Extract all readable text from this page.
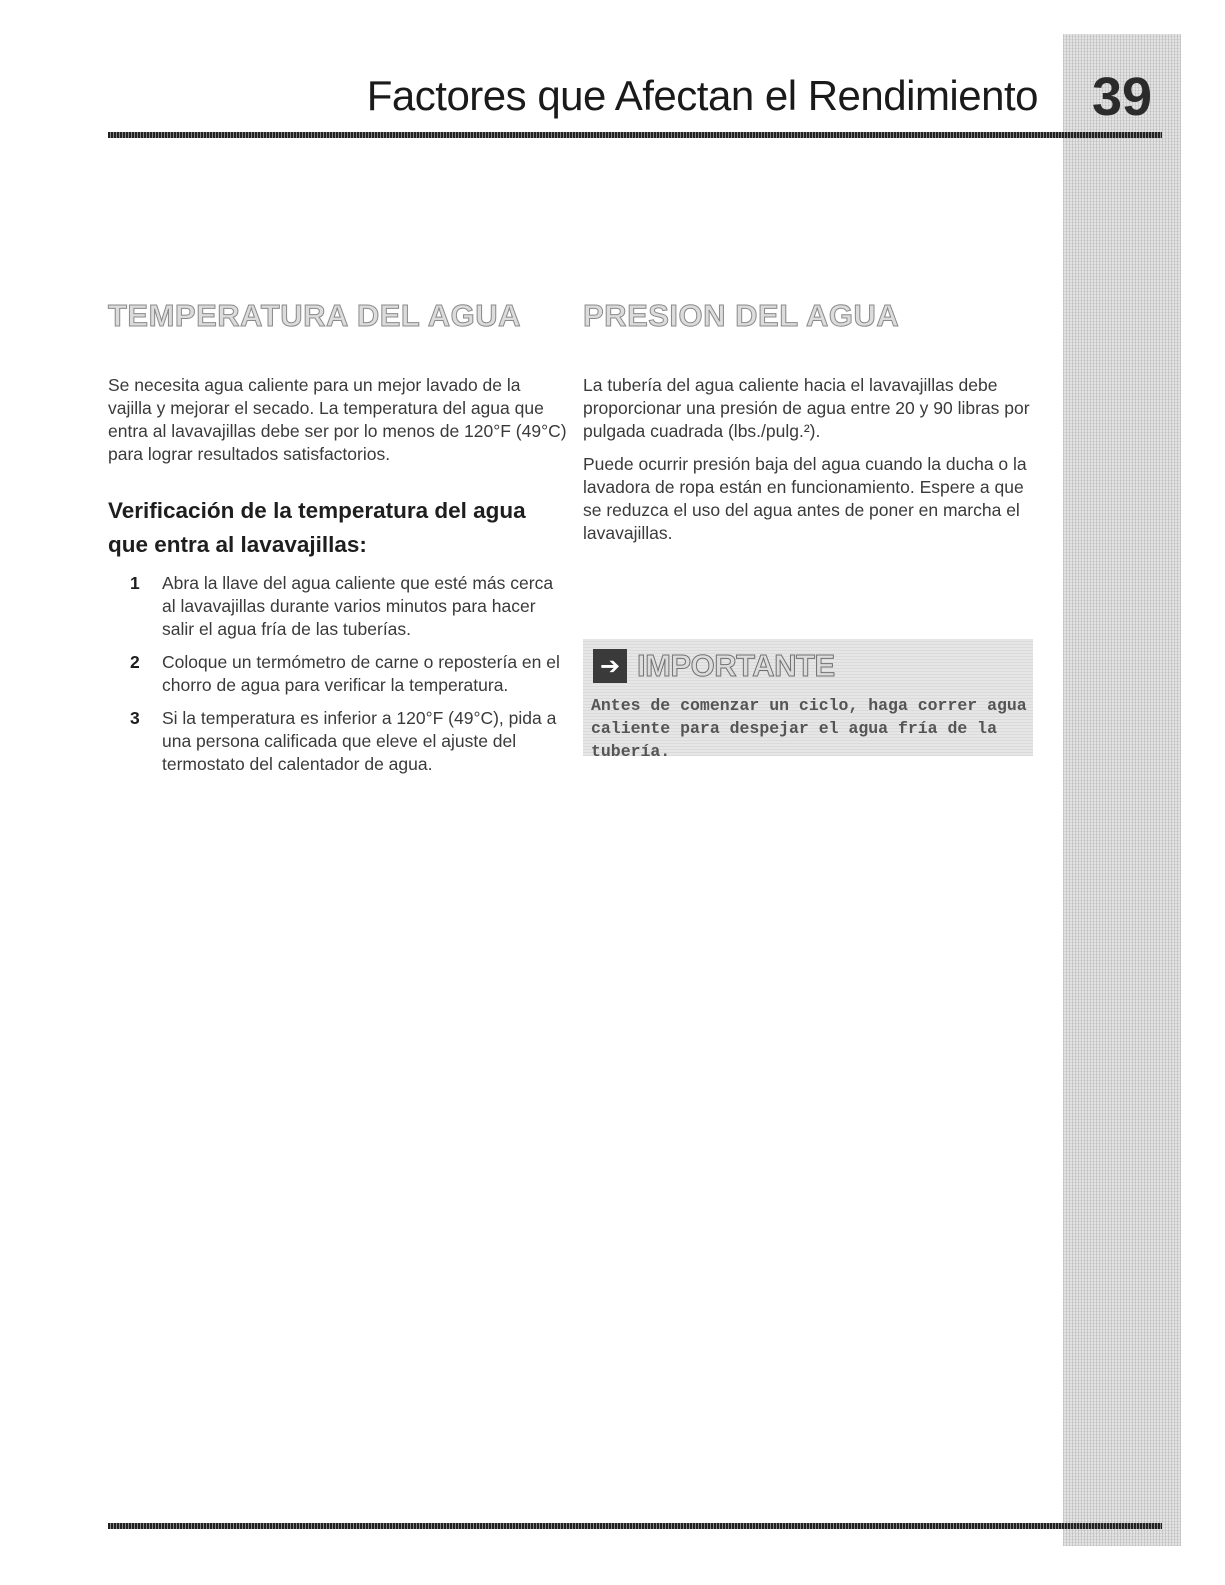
Factores que Afectan el Rendimiento 39
TEMPERATURA DEL AGUA

Se necesita agua caliente para un mejor lavado de la vajilla y mejorar el secado. La temperatura del agua que entra al lavavajillas debe ser por lo menos de 120°F (49°C) para lograr resultados satisfactorios.

Verificación de la temperatura del agua que entra al lavavajillas:
1	Abra la llave del agua caliente que esté más cerca al lavavajillas durante varios minutos para hacer salir el agua fría de las tuberías.
2	Coloque un termómetro de carne o repostería en el chorro de agua para verificar la temperatura.
3	Si la temperatura es inferior a 120°F (49°C), pida a una persona calificada que eleve el ajuste del termostato del calentador de agua.
PRESION DEL AGUA

La tubería del agua caliente hacia el lavavajillas debe proporcionar una presión de agua entre 20 y 90 libras por pulgada cuadrada (lbs./pulg.²).

Puede ocurrir presión baja del agua cuando la ducha o la lavadora de ropa están en funcionamiento. Espere a que se reduzca el uso del agua antes de poner en marcha el lavavajillas.

➔ IMPORTANTE

Antes de comenzar un ciclo, haga correr agua caliente para despejar el agua fría de la tubería.
